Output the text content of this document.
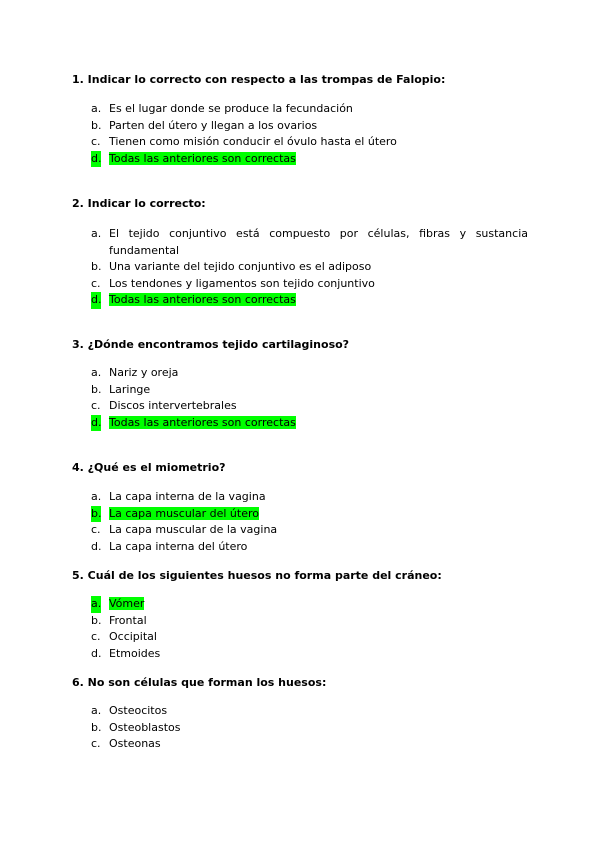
1. Indicar lo correcto con respecto a las trompas de Falopio:

a. Es el lugar donde se produce la fecundación
b. Parten del útero y llegan a los ovarios
c. Tienen como misión conducir el óvulo hasta el útero
d. Todas las anteriores son correctas

2. Indicar lo correcto:

a. El tejido conjuntivo está compuesto por células, fibras y sustancia
fundamental
b. Una variante del tejido conjuntivo es el adiposo
c. Los tendones y ligamentos son tejido conjuntivo
d. Todas las anteriores son correctas

3. ¿Dónde encontramos tejido cartilaginoso?

a. Nariz y oreja
b. Laringe
c. Discos intervertebrales
d. Todas las anteriores son correctas

4. ¿Qué es el miometrio?

a. La capa interna de la vagina
b. La capa muscular del útero
c. La capa muscular de la vagina
d. La capa interna del útero

5. Cuál de los siguientes huesos no forma parte del cráneo:

a. Vómer
b. Frontal
c. Occipital
d. Etmoides

6. No son células que forman los huesos:

a. Osteocitos
b. Osteoblastos
c. Osteonas
